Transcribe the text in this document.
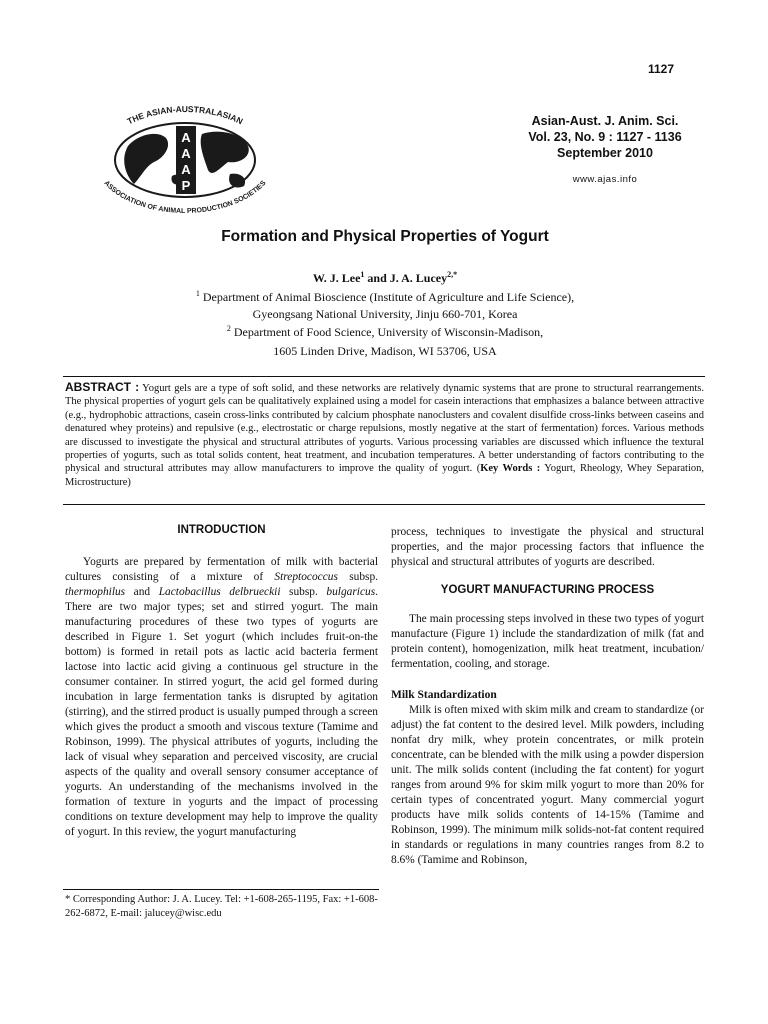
1127
A
A
A
P
THE ASIAN-AUSTRALASIAN
ASSOCIATION OF ANIMAL PRODUCTION SOCIETIES
Asian-Aust. J. Anim. Sci.
Vol. 23, No. 9 : 1127 - 1136
September 2010
www.ajas.info
Formation and Physical Properties of Yogurt
W. J. Lee$^1$ and J. A. Lucey$^{2,*}$
$^1$ Department of Animal Bioscience (Institute of Agriculture and Life Science),
Gyeongsang National University, Jinju 660-701, Korea
$^2$ Department of Food Science, University of Wisconsin-Madison,
1605 Linden Drive, Madison, WI 53706, USA
ABSTRACT : Yogurt gels are a type of soft solid, and these networks are relatively dynamic systems that are prone to structural rearrangements. The physical properties of yogurt gels can be qualitatively explained using a model for casein interactions that emphasizes a balance between attractive (e.g., hydrophobic attractions, casein cross-links contributed by calcium phosphate nanoclusters and covalent disulfide cross-links between caseins and denatured whey proteins) and repulsive (e.g., electrostatic or charge repulsions, mostly negative at the start of fermentation) forces. Various methods are discussed to investigate the physical and structural attributes of yogurts. Various processing variables are discussed which influence the textural properties of yogurts, such as total solids content, heat treatment, and incubation temperatures. A better understanding of factors contributing to the physical and structural attributes may allow manufacturers to improve the quality of yogurt. (Key Words : Yogurt, Rheology, Whey Separation, Microstructure)
INTRODUCTION

Yogurts are prepared by fermentation of milk with bacterial cultures consisting of a mixture of Streptococcus subsp. thermophilus and Lactobacillus delbrueckii subsp. bulgaricus. There are two major types; set and stirred yogurt. The main manufacturing procedures of these two types of yogurts are described in Figure 1. Set yogurt (which includes fruit-on-the bottom) is formed in retail pots as lactic acid bacteria ferment lactose into lactic acid giving a continuous gel structure in the consumer container. In stirred yogurt, the acid gel formed during incubation in large fermentation tanks is disrupted by agitation (stirring), and the stirred product is usually pumped through a screen which gives the product a smooth and viscous texture (Tamime and Robinson, 1999). The physical attributes of yogurts, including the lack of visual whey separation and perceived viscosity, are crucial aspects of the quality and overall sensory consumer acceptance of yogurts. An understanding of the mechanisms involved in the formation of texture in yogurts and the impact of processing conditions on texture development may help to improve the quality of yogurt. In this review, the yogurt manufacturing

* Corresponding Author: J. A. Lucey. Tel: +1-608-265-1195, Fax: +1-608-262-6872, E-mail: jalucey@wisc.edu

process, techniques to investigate the physical and structural properties, and the major processing factors that influence the physical and structural attributes of yogurts are described.

YOGURT MANUFACTURING PROCESS

The main processing steps involved in these two types of yogurt manufacture (Figure 1) include the standardization of milk (fat and protein content), homogenization, milk heat treatment, incubation/ fermentation, cooling, and storage.

Milk Standardization

Milk is often mixed with skim milk and cream to standardize (or adjust) the fat content to the desired level. Milk powders, including nonfat dry milk, whey protein concentrates, or milk protein concentrate, can be blended with the milk using a powder dispersion unit. The milk solids content (including the fat content) for yogurt ranges from around 9% for skim milk yogurt to more than 20% for certain types of concentrated yogurt. Many commercial yogurt products have milk solids contents of 14-15% (Tamime and Robinson, 1999). The minimum milk solids-not-fat content required in standards or regulations in many countries ranges from 8.2 to 8.6% (Tamime and Robinson,
